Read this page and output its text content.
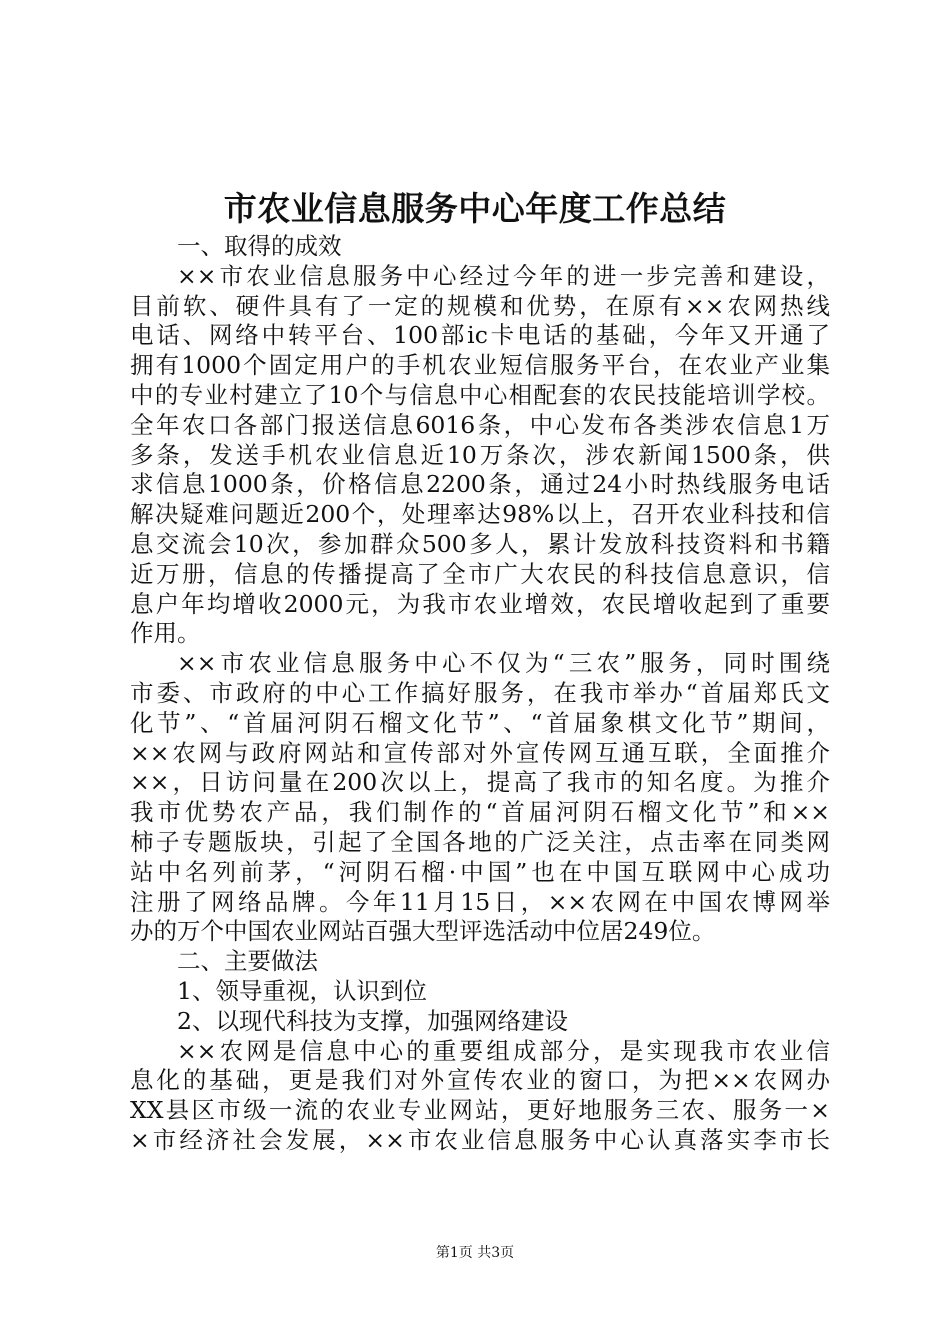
市农业信息服务中心年度工作总结
一、取得的成效
××市农业信息服务中心经过今年的进一步完善和建设，
目前软、硬件具有了一定的规模和优势，在原有××农网热线
电话、网络中转平台、100部ic卡电话的基础，今年又开通了
拥有1000个固定用户的手机农业短信服务平台，在农业产业集
中的专业村建立了10个与信息中心相配套的农民技能培训学校。
全年农口各部门报送信息6016条，中心发布各类涉农信息1万
多条，发送手机农业信息近10万条次，涉农新闻1500条，供
求信息1000条，价格信息2200条，通过24小时热线服务电话
解决疑难问题近200个，处理率达98%以上，召开农业科技和信
息交流会10次，参加群众500多人，累计发放科技资料和书籍
近万册，信息的传播提高了全市广大农民的科技信息意识，信
息户年均增收2000元，为我市农业增效，农民增收起到了重要
作用。
××市农业信息服务中心不仅为“三农”服务，同时围绕
市委、市政府的中心工作搞好服务，在我市举办“首届郑氏文
化节”、“首届河阴石榴文化节”、“首届象棋文化节”期间，
××农网与政府网站和宣传部对外宣传网互通互联，全面推介
××，日访问量在200次以上，提高了我市的知名度。为推介
我市优势农产品，我们制作的“首届河阴石榴文化节”和××
柿子专题版块，引起了全国各地的广泛关注，点击率在同类网
站中名列前茅，“河阴石榴·中国”也在中国互联网中心成功
注册了网络品牌。今年11月15日，××农网在中国农博网举
办的万个中国农业网站百强大型评选活动中位居249位。
二、主要做法
1、领导重视，认识到位
2、以现代科技为支撑，加强网络建设
××农网是信息中心的重要组成部分，是实现我市农业信
息化的基础，更是我们对外宣传农业的窗口，为把××农网办
XX县区市级一流的农业专业网站，更好地服务三农、服务一×
×市经济社会发展，××市农业信息服务中心认真落实李市长
第1页 共3页
